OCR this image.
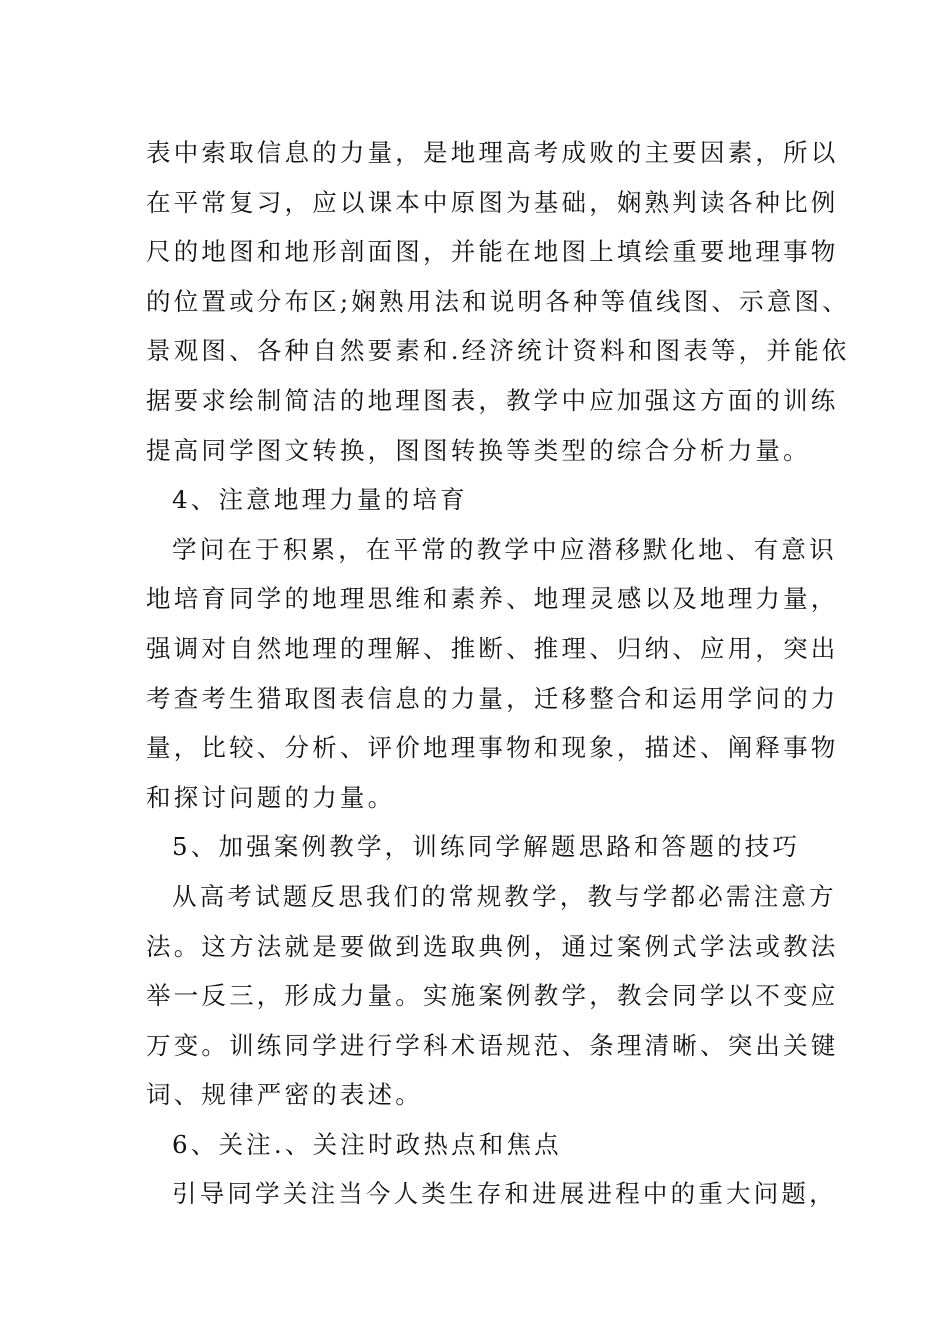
表中索取信息的力量，是地理高考成败的主要因素，所以
在平常复习，应以课本中原图为基础，娴熟判读各种比例
尺的地图和地形剖面图，并能在地图上填绘重要地理事物
的位置或分布区;娴熟用法和说明各种等值线图、示意图、
景观图、各种自然要素和.经济统计资料和图表等，并能依
据要求绘制简洁的地理图表，教学中应加强这方面的训练
提高同学图文转换，图图转换等类型的综合分析力量。
4、注意地理力量的培育
学问在于积累，在平常的教学中应潜移默化地、有意识
地培育同学的地理思维和素养、地理灵感以及地理力量，
强调对自然地理的理解、推断、推理、归纳、应用，突出
考查考生猎取图表信息的力量，迁移整合和运用学问的力
量，比较、分析、评价地理事物和现象，描述、阐释事物
和探讨问题的力量。
5、加强案例教学，训练同学解题思路和答题的技巧
从高考试题反思我们的常规教学，教与学都必需注意方
法。这方法就是要做到选取典例，通过案例式学法或教法
举一反三，形成力量。实施案例教学，教会同学以不变应
万变。训练同学进行学科术语规范、条理清晰、突出关键
词、规律严密的表述。
6、关注.、关注时政热点和焦点
引导同学关注当今人类生存和进展进程中的重大问题，
